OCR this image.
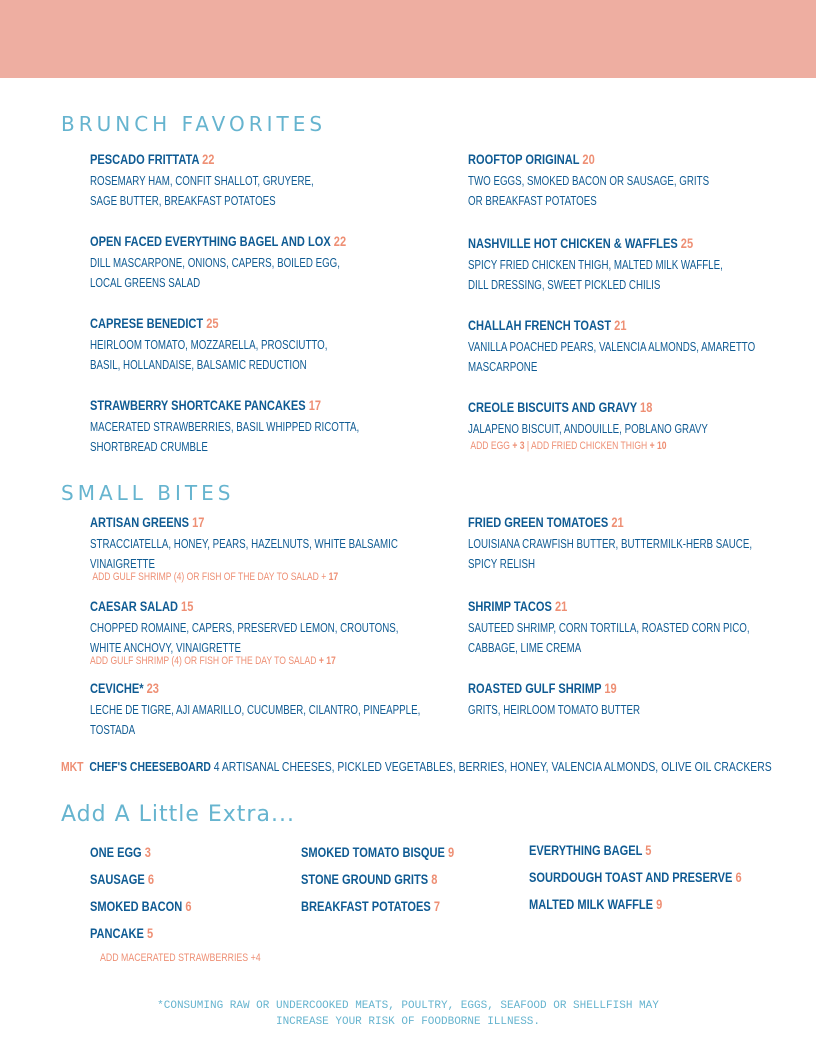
BRUNCH FAVORITES
PESCADO FRITTATA 22
ROSEMARY HAM, CONFIT SHALLOT, GRUYERE,
SAGE BUTTER, BREAKFAST POTATOES
ROOFTOP ORIGINAL 20
TWO EGGS, SMOKED BACON OR SAUSAGE, GRITS
OR BREAKFAST POTATOES
OPEN FACED EVERYTHING BAGEL AND LOX 22
DILL MASCARPONE, ONIONS, CAPERS, BOILED EGG,
LOCAL GREENS SALAD
NASHVILLE HOT CHICKEN & WAFFLES 25
SPICY FRIED CHICKEN THIGH, MALTED MILK WAFFLE,
DILL DRESSING, SWEET PICKLED CHILIS
CAPRESE BENEDICT 25
HEIRLOOM TOMATO, MOZZARELLA, PROSCIUTTO,
BASIL, HOLLANDAISE, BALSAMIC REDUCTION
CHALLAH FRENCH TOAST 21
VANILLA POACHED PEARS, VALENCIA ALMONDS, AMARETTO
MASCARPONE
STRAWBERRY SHORTCAKE PANCAKES 17
MACERATED STRAWBERRIES, BASIL WHIPPED RICOTTA,
SHORTBREAD CRUMBLE
CREOLE BISCUITS AND GRAVY 18
JALAPENO BISCUIT, ANDOUILLE, POBLANO GRAVY
ADD EGG + 3 | ADD FRIED CHICKEN THIGH + 10
SMALL BITES
ARTISAN GREENS 17
STRACCIATELLA, HONEY, PEARS, HAZELNUTS, WHITE BALSAMIC
VINAIGRETTE
ADD GULF SHRIMP (4) OR FISH OF THE DAY TO SALAD + 17
FRIED GREEN TOMATOES 21
LOUISIANA CRAWFISH BUTTER, BUTTERMILK-HERB SAUCE,
SPICY RELISH
CAESAR SALAD 15
CHOPPED ROMAINE, CAPERS, PRESERVED LEMON, CROUTONS,
WHITE ANCHOVY, VINAIGRETTE
ADD GULF SHRIMP (4) OR FISH OF THE DAY TO SALAD + 17
SHRIMP TACOS 21
SAUTEED SHRIMP, CORN TORTILLA, ROASTED CORN PICO,
CABBAGE, LIME CREMA
CEVICHE* 23
LECHE DE TIGRE, AJI AMARILLO, CUCUMBER, CILANTRO, PINEAPPLE,
TOSTADA
ROASTED GULF SHRIMP 19
GRITS, HEIRLOOM TOMATO BUTTER
MKT CHEF'S CHEESEBOARD 4 ARTISANAL CHEESES, PICKLED VEGETABLES, BERRIES, HONEY, VALENCIA ALMONDS, OLIVE OIL CRACKERS
Add A Little Extra...
ONE EGG 3
SAUSAGE 6
SMOKED BACON 6
PANCAKE 5
ADD MACERATED STRAWBERRIES +4
SMOKED TOMATO BISQUE 9
STONE GROUND GRITS 8
BREAKFAST POTATOES 7
EVERYTHING BAGEL 5
SOURDOUGH TOAST AND PRESERVE 6
MALTED MILK WAFFLE 9
*CONSUMING RAW OR UNDERCOOKED MEATS, POULTRY, EGGS, SEAFOOD OR SHELLFISH MAY
INCREASE YOUR RISK OF FOODBORNE ILLNESS.
